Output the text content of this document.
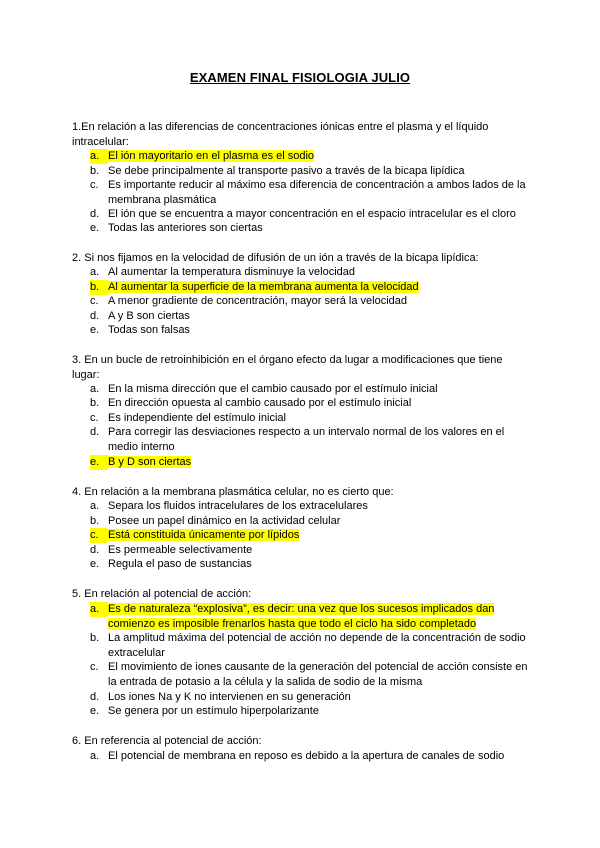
EXAMEN FINAL FISIOLOGIA JULIO
1.En relación a las diferencias de concentraciones iónicas entre el plasma y el líquido intracelular:
a. El ión mayoritario en el plasma es el sodio
b. Se debe principalmente al transporte pasivo a través de la bicapa lipídica
c. Es importante reducir al máximo esa diferencia de concentración a ambos lados de la membrana plasmática
d. El ión que se encuentra a mayor concentración en el espacio intracelular es el cloro
e. Todas las anteriores son ciertas
2. Si nos fijamos en la velocidad de difusión de un ión a través de la bicapa lipídica:
a. Al aumentar la temperatura disminuye la velocidad
b. Al aumentar la superficie de la membrana aumenta la velocidad
c. A menor gradiente de concentración, mayor será la velocidad
d. A y B son ciertas
e. Todas son falsas
3. En un bucle de retroinhibición en el órgano efecto da lugar a modificaciones que tiene lugar:
a. En la misma dirección que el cambio causado por el estímulo inicial
b. En dirección opuesta al cambio causado por el estímulo inicial
c. Es independiente del estímulo inicial
d. Para corregir las desviaciones respecto a un intervalo normal de los valores en el medio interno
e. B y D son ciertas
4. En relación a la membrana plasmática celular, no es cierto que:
a. Separa los fluidos intracelulares de los extracelulares
b. Posee un papel dinámico en la actividad celular
c. Está constituida únicamente por lípidos
d. Es permeable selectivamente
e. Regula el paso de sustancias
5. En relación al potencial de acción:
a. Es de naturaleza “explosiva”, es decir: una vez que los sucesos implicados dan comienzo es imposible frenarlos hasta que todo el ciclo ha sido completado
b. La amplitud máxima del potencial de acción no depende de la concentración de sodio extracelular
c. El movimiento de iones causante de la generación del potencial de acción consiste en la entrada de potasio a la célula y la salida de sodio de la misma
d. Los iones Na y K no intervienen en su generación
e. Se genera por un estímulo hiperpolarizante
6. En referencia al potencial de acción:
a. El potencial de membrana en reposo es debido a la apertura de canales de sodio
